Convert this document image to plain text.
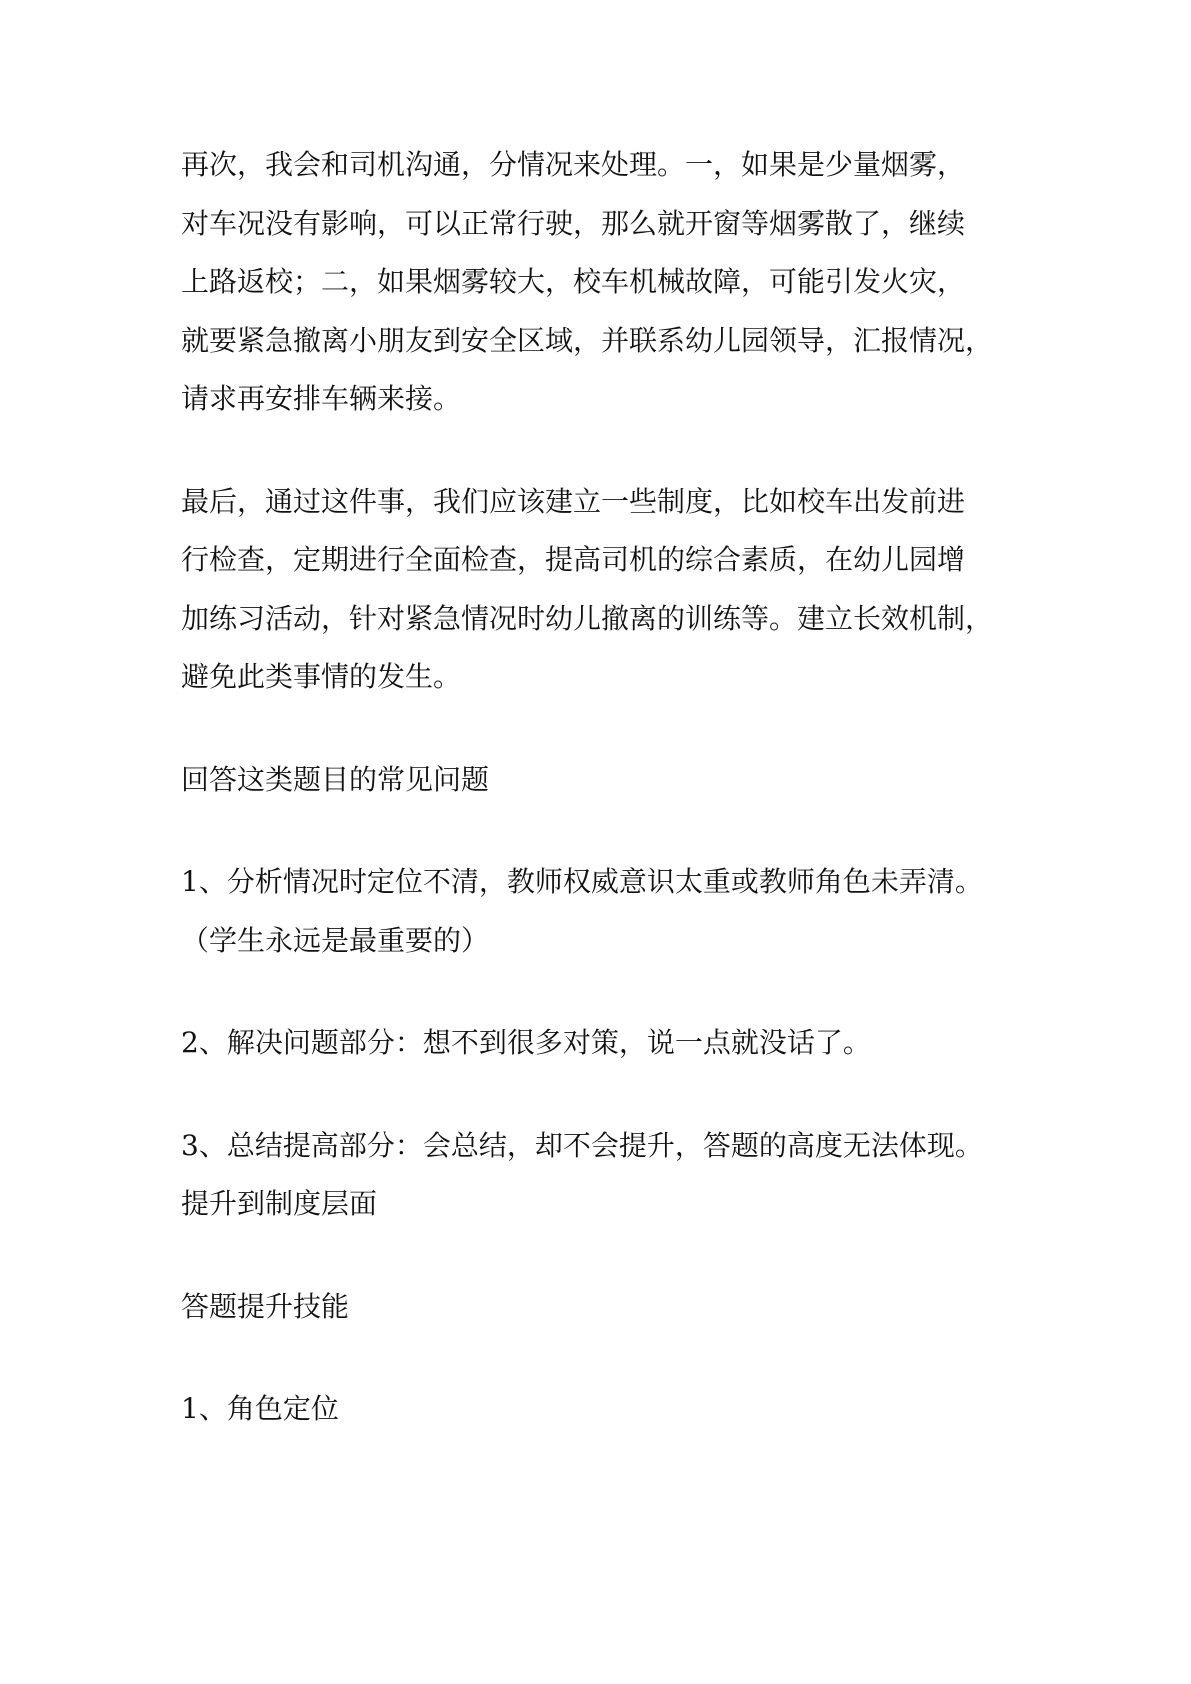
再次，我会和司机沟通，分情况来处理。一，如果是少量烟雾，
对车况没有影响，可以正常行驶，那么就开窗等烟雾散了，继续
上路返校；二，如果烟雾较大，校车机械故障，可能引发火灾，
就要紧急撤离小朋友到安全区域，并联系幼儿园领导，汇报情况，
请求再安排车辆来接。
最后，通过这件事，我们应该建立一些制度，比如校车出发前进
行检查，定期进行全面检查，提高司机的综合素质，在幼儿园增
加练习活动，针对紧急情况时幼儿撤离的训练等。建立长效机制，
避免此类事情的发生。
回答这类题目的常见问题
1、分析情况时定位不清，教师权威意识太重或教师角色未弄清。
（学生永远是最重要的）
2、解决问题部分：想不到很多对策，说一点就没话了。
3、总结提高部分：会总结，却不会提升，答题的高度无法体现。
提升到制度层面
答题提升技能
1、角色定位
